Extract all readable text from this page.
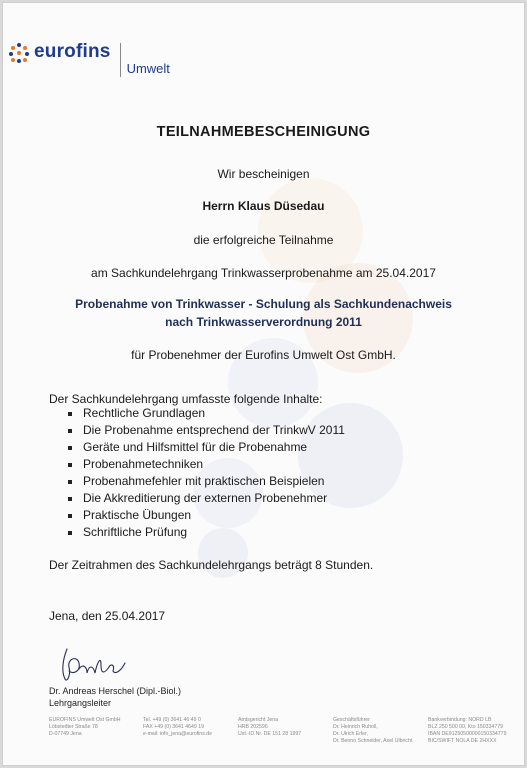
eurofins
Umwelt
TEILNAHMEBESCHEINIGUNG
Wir bescheinigen
Herrn Klaus Düsedau
die erfolgreiche Teilnahme
am Sachkundelehrgang Trinkwasserprobenahme am 25.04.2017
Probenahme von Trinkwasser - Schulung als Sachkundenachweis
nach Trinkwasserverordnung 2011
für Probenehmer der Eurofins Umwelt Ost GmbH.
Der Sachkundelehrgang umfasste folgende Inhalte:
Rechtliche Grundlagen
Die Probenahme entsprechend der TrinkwV 2011
Geräte und Hilfsmittel für die Probenahme
Probenahmetechniken
Probenahmefehler mit praktischen Beispielen
Die Akkreditierung der externen Probenehmer
Praktische Übungen
Schriftliche Prüfung
Der Zeitrahmen des Sachkundelehrgangs beträgt 8 Stunden.
Jena, den 25.04.2017
Dr. Andreas Herschel (Dipl.-Biol.)
Lehrgangsleiter
EUROFINS Umwelt Ost GmbH
Löbstedter Straße 78
D-07749 Jena
Tel. +49 (0) 3641 46 49 0
FAX +49 (0) 3641 4649 19
e-mail: info_jena@eurofins.de
Amtsgericht Jena
HRB 202596
Ust.-ID.Nr. DE 151 28 1997
Geschäftsführer
Dr. Heinrich Ruholl,
Dr. Ulrich Erler,
Dr. Benno Schneider, Axel Ulbricht
Bankverbindung: NORD LB
BLZ 250 500 00, Kto 150334779
IBAN DE91250500000150334779
BIC/SWIFT NOLA DE 2HXXX
